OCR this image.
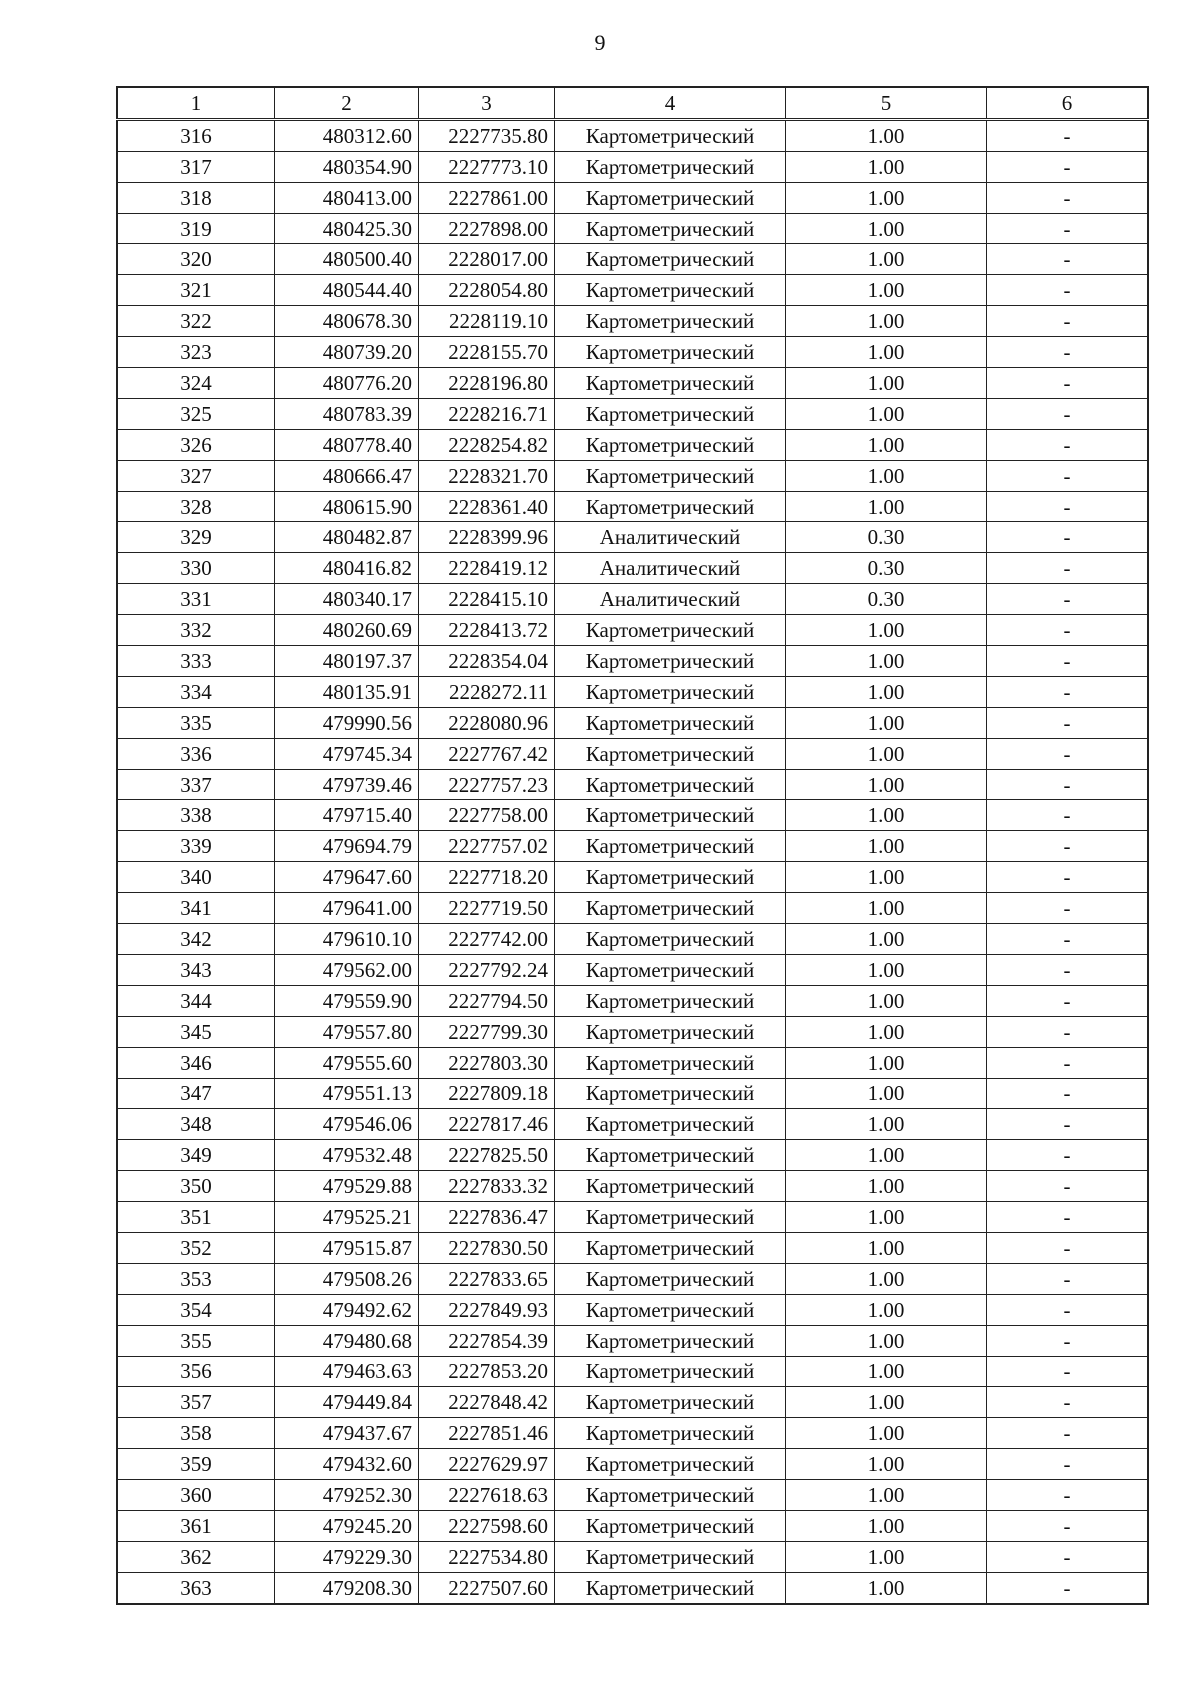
9
1	2	3	4	5	6
316	480312.60	2227735.80	Картометрический	1.00	-
317	480354.90	2227773.10	Картометрический	1.00	-
318	480413.00	2227861.00	Картометрический	1.00	-
319	480425.30	2227898.00	Картометрический	1.00	-
320	480500.40	2228017.00	Картометрический	1.00	-
321	480544.40	2228054.80	Картометрический	1.00	-
322	480678.30	2228119.10	Картометрический	1.00	-
323	480739.20	2228155.70	Картометрический	1.00	-
324	480776.20	2228196.80	Картометрический	1.00	-
325	480783.39	2228216.71	Картометрический	1.00	-
326	480778.40	2228254.82	Картометрический	1.00	-
327	480666.47	2228321.70	Картометрический	1.00	-
328	480615.90	2228361.40	Картометрический	1.00	-
329	480482.87	2228399.96	Аналитический	0.30	-
330	480416.82	2228419.12	Аналитический	0.30	-
331	480340.17	2228415.10	Аналитический	0.30	-
332	480260.69	2228413.72	Картометрический	1.00	-
333	480197.37	2228354.04	Картометрический	1.00	-
334	480135.91	2228272.11	Картометрический	1.00	-
335	479990.56	2228080.96	Картометрический	1.00	-
336	479745.34	2227767.42	Картометрический	1.00	-
337	479739.46	2227757.23	Картометрический	1.00	-
338	479715.40	2227758.00	Картометрический	1.00	-
339	479694.79	2227757.02	Картометрический	1.00	-
340	479647.60	2227718.20	Картометрический	1.00	-
341	479641.00	2227719.50	Картометрический	1.00	-
342	479610.10	2227742.00	Картометрический	1.00	-
343	479562.00	2227792.24	Картометрический	1.00	-
344	479559.90	2227794.50	Картометрический	1.00	-
345	479557.80	2227799.30	Картометрический	1.00	-
346	479555.60	2227803.30	Картометрический	1.00	-
347	479551.13	2227809.18	Картометрический	1.00	-
348	479546.06	2227817.46	Картометрический	1.00	-
349	479532.48	2227825.50	Картометрический	1.00	-
350	479529.88	2227833.32	Картометрический	1.00	-
351	479525.21	2227836.47	Картометрический	1.00	-
352	479515.87	2227830.50	Картометрический	1.00	-
353	479508.26	2227833.65	Картометрический	1.00	-
354	479492.62	2227849.93	Картометрический	1.00	-
355	479480.68	2227854.39	Картометрический	1.00	-
356	479463.63	2227853.20	Картометрический	1.00	-
357	479449.84	2227848.42	Картометрический	1.00	-
358	479437.67	2227851.46	Картометрический	1.00	-
359	479432.60	2227629.97	Картометрический	1.00	-
360	479252.30	2227618.63	Картометрический	1.00	-
361	479245.20	2227598.60	Картометрический	1.00	-
362	479229.30	2227534.80	Картометрический	1.00	-
363	479208.30	2227507.60	Картометрический	1.00	-
